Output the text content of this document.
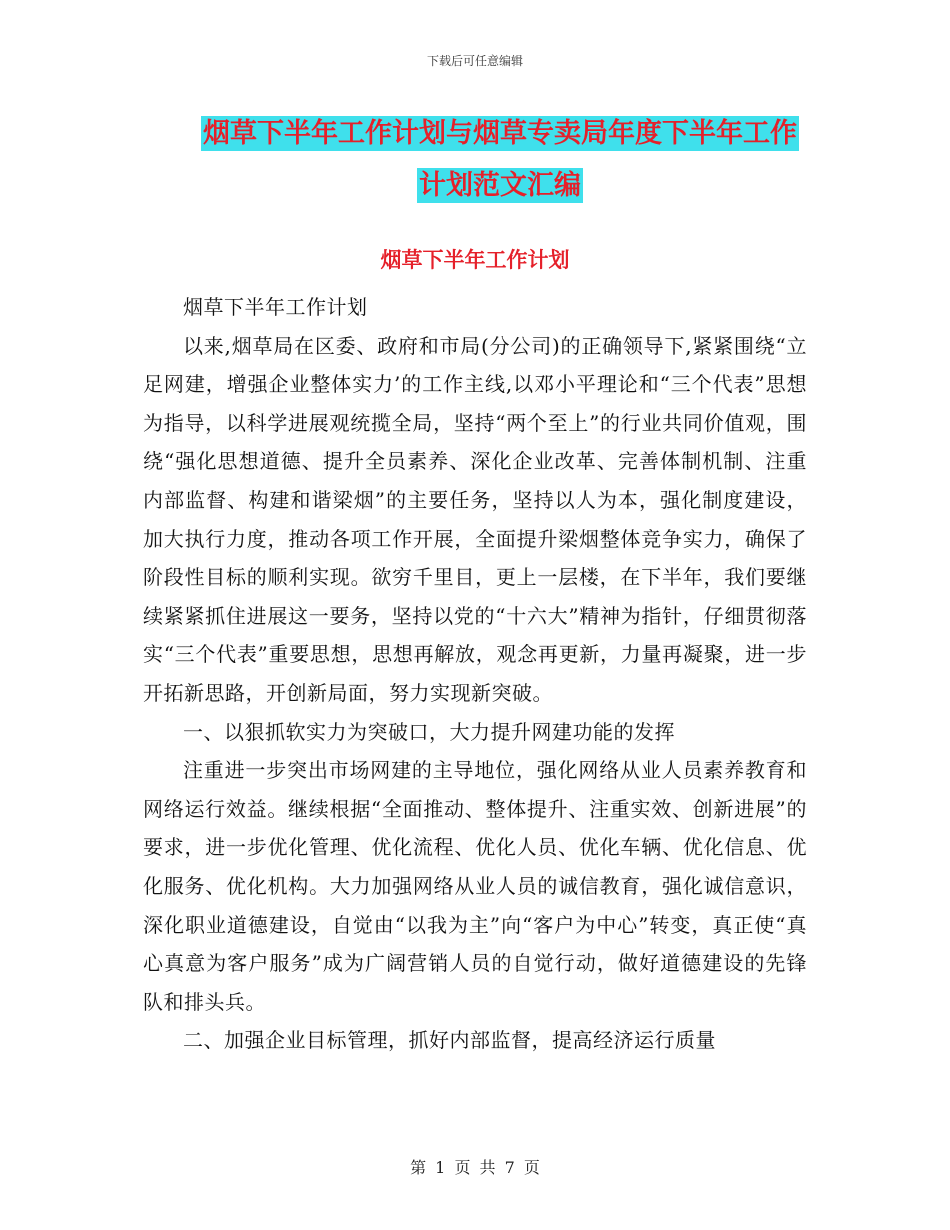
下载后可任意编辑
烟草下半年工作计划与烟草专卖局年度下半年工作计划范文汇编
烟草下半年工作计划

烟草下半年工作计划

以来,烟草局在区委、政府和市局(分公司)的正确领导下,紧紧围绕“立足网建，增强企业整体实力’的工作主线,以邓小平理论和“三个代表”思想为指导，以科学进展观统揽全局，坚持“两个至上”的行业共同价值观，围绕“强化思想道德、提升全员素养、深化企业改革、完善体制机制、注重内部监督、构建和谐梁烟”的主要任务，坚持以人为本，强化制度建设，加大执行力度，推动各项工作开展，全面提升梁烟整体竞争实力，确保了阶段性目标的顺利实现。欲穷千里目，更上一层楼，在下半年，我们要继续紧紧抓住进展这一要务，坚持以党的“十六大”精神为指针，仔细贯彻落实“三个代表”重要思想，思想再解放，观念再更新，力量再凝聚，进一步开拓新思路，开创新局面，努力实现新突破。

一、以狠抓软实力为突破口，大力提升网建功能的发挥

注重进一步突出市场网建的主导地位，强化网络从业人员素养教育和网络运行效益。继续根据“全面推动、整体提升、注重实效、创新进展”的要求，进一步优化管理、优化流程、优化人员、优化车辆、优化信息、优化服务、优化机构。大力加强网络从业人员的诚信教育，强化诚信意识，深化职业道德建设，自觉由“以我为主”向“客户为中心”转变，真正使“真心真意为客户服务”成为广阔营销人员的自觉行动，做好道德建设的先锋队和排头兵。

二、加强企业目标管理，抓好内部监督，提高经济运行质量

第 1 页 共 7 页
